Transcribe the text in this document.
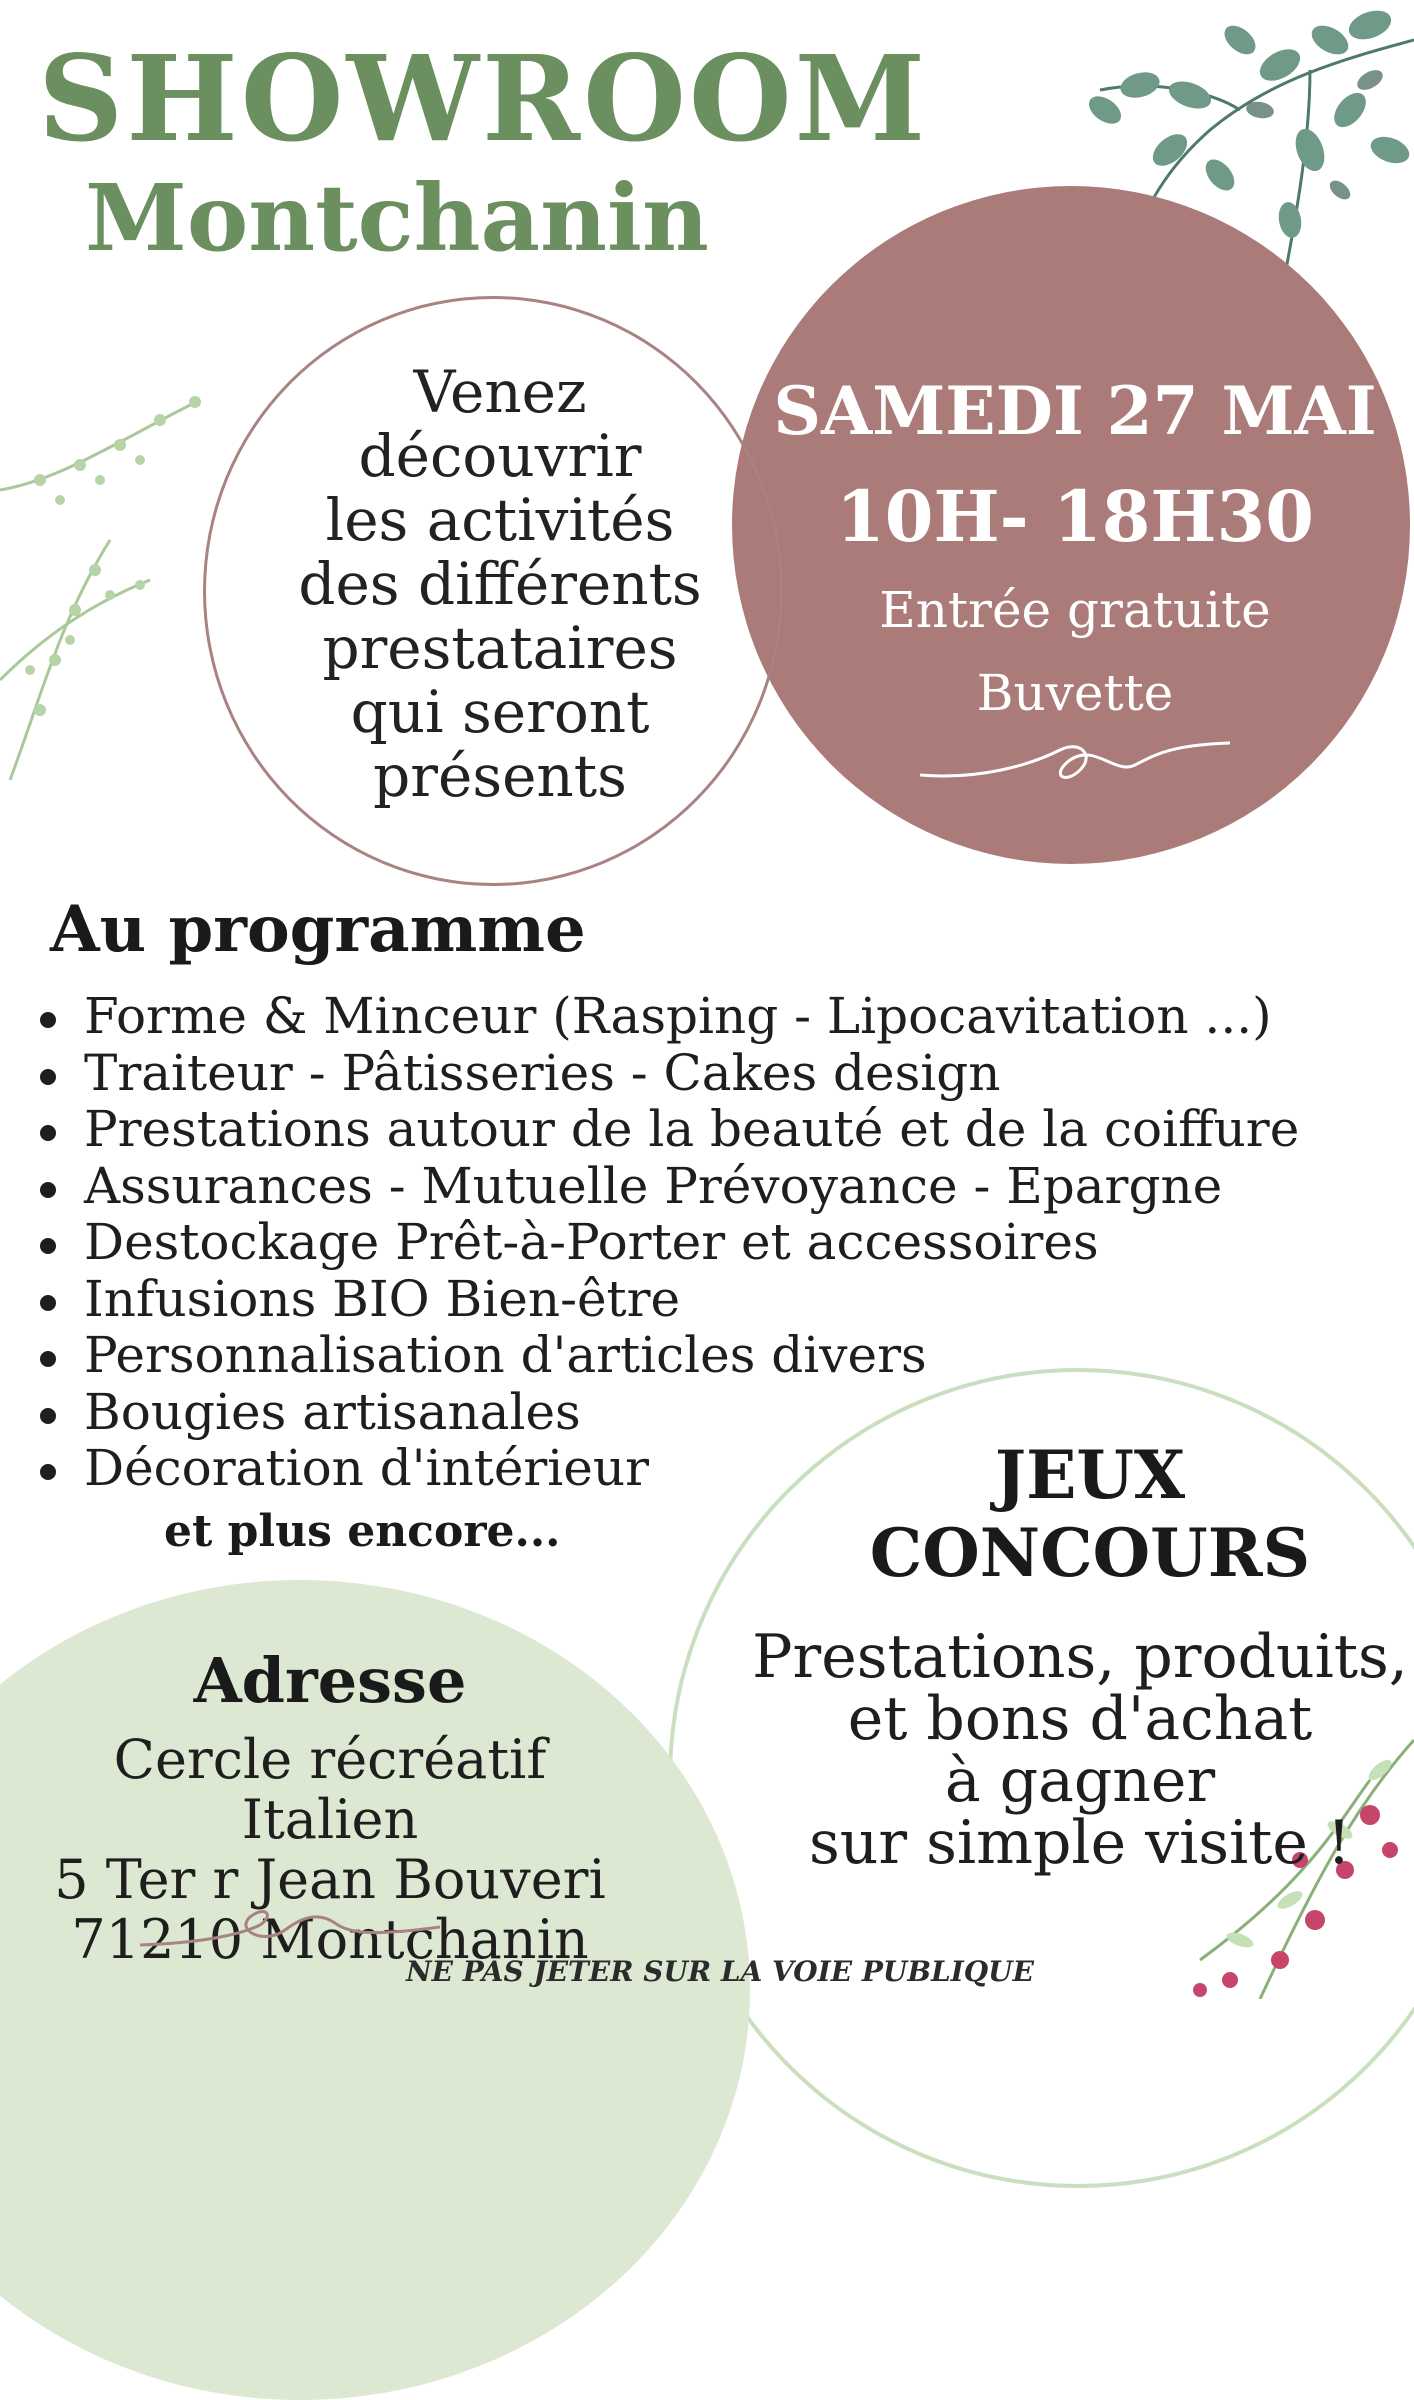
SHOWROOM
Montchanin
SAMEDI 27 MAI
10H- 18H30
Entrée gratuite
Buvette
Venez
découvrir
les activités
des différents
prestataires
qui seront
présents
Au programme
Forme & Minceur (Rasping - Lipocavitation ...)
Traiteur - Pâtisseries - Cakes design
Prestations autour de la beauté et de la coiffure
Assurances - Mutuelle Prévoyance - Epargne
Destockage Prêt-à-Porter et accessoires
Infusions BIO Bien-être
Personnalisation d'articles divers
Bougies artisanales
Décoration d'intérieur
et plus encore...
JEUX
CONCOURS
Prestations, produits,
et bons d'achat
à gagner
sur simple visite !
Adresse
Cercle récréatif Italien
5 Ter r Jean Bouveri
71210 Montchanin
NE PAS JETER SUR LA VOIE PUBLIQUE
